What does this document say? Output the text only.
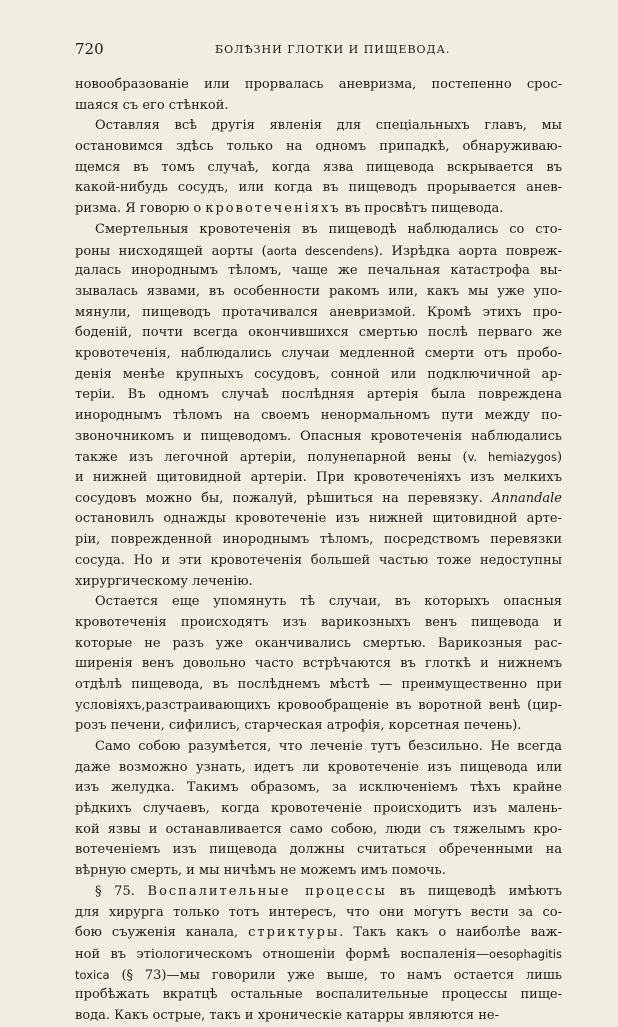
720	БОЛѢЗНИ ГЛОТКИ И ПИЩЕВОДА.
новообразованіе или прорвалась аневризма, постепенно срос-
шаяся съ его стѣнкой.
Оставляя всѣ другія явленія для спеціальныхъ главъ, мы
остановимся здѣсь только на одномъ припадкѣ, обнаруживаю-
щемся въ томъ случаѣ, когда язва пищевода вскрывается въ
какой-нибудь сосудъ, или когда въ пищеводъ прорывается анев-
ризма. Я говорю о кровотеченіяхъ въ просвѣтъ пищевода.
Смертельныя кровотеченія въ пищеводѣ наблюдались со сто-
роны нисходящей аорты (aorta descendens). Изрѣдка аорта повреж-
далась инороднымъ тѣломъ, чаще же печальная катастрофа вы-
зывалась язвами, въ особенности ракомъ или, какъ мы уже упо-
мянули, пищеводъ протачивался аневризмой. Кромѣ этихъ про-
боденій, почти всегда окончившихся смертью послѣ перваго же
кровотеченія, наблюдались случаи медленной смерти отъ пробо-
денія менѣе крупныхъ сосудовъ, сонной или подключичной ар-
теріи. Въ одномъ случаѣ послѣдняя артерія была повреждена
инороднымъ тѣломъ на своемъ ненормальномъ пути между по-
звоночникомъ и пищеводомъ. Опасныя кровотеченія наблюдались
также изъ легочной артеріи, полунепарной вены (v. hemiazygos)
и нижней щитовидной артеріи. При кровотеченіяхъ изъ мелкихъ
сосудовъ можно бы, пожалуй, рѣшиться на перевязку. Annandale
остановилъ однажды кровотеченіе изъ нижней щитовидной арте-
ріи, поврежденной инороднымъ тѣломъ, посредствомъ перевязки
сосуда. Но и эти кровотеченія большей частью тоже недоступны
хирургическому леченію.
Остается еще упомянуть тѣ случаи, въ которыхъ опасныя
кровотеченія происходятъ изъ варикозныхъ венъ пищевода и
которые не разъ уже оканчивались смертью. Варикозныя рас-
ширенія венъ довольно часто встрѣчаются въ глоткѣ и нижнемъ
отдѣлѣ пищевода, въ послѣднемъ мѣстѣ — преимущественно при
условіяхъ,разстраивающихъ кровообращеніе въ воротной венѣ (цир-
розъ печени, сифилисъ, старческая атрофія, корсетная печень).
Само собою разумѣется, что леченіе тутъ безсильно. Не всегда
даже возможно узнать, идетъ ли кровотеченіе изъ пищевода или
изъ желудка. Такимъ образомъ, за исключеніемъ тѣхъ крайне
рѣдкихъ случаевъ, когда кровотеченіе происходитъ изъ малень-
кой язвы и останавливается само собою, люди съ тяжелымъ кро-
вотеченіемъ изъ пищевода должны считаться обреченными на
вѣрную смерть, и мы ничѣмъ не можемъ имъ помочь.
§ 75. Воспалительные процессы въ пищеводѣ имѣютъ
для хирурга только тотъ интересъ, что они могутъ вести за со-
бою съуженія канала, стриктуры. Такъ какъ о наиболѣе важ-
ной въ этіологическомъ отношеніи формѣ воспаленія—oesophagitis
toxica (§ 73)—мы говорили уже выше, то намъ остается лишь
пробѣжать вкратцѣ остальные воспалительные процессы пище-
вода. Какъ острые, такъ и хроническіе катарры являются не-
